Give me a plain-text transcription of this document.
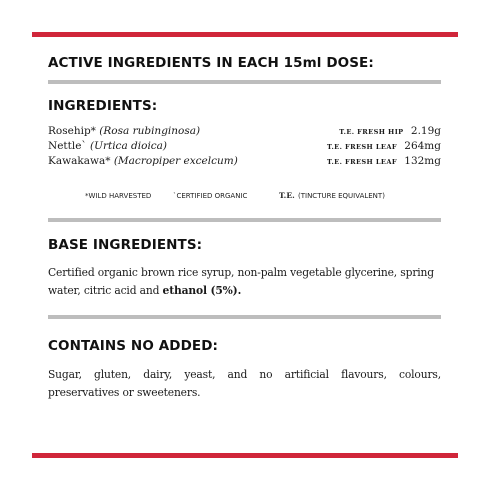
ACTIVE INGREDIENTS IN EACH 15ml DOSE:
INGREDIENTS:
Rosehip* (Rosa rubinginosa)	T.E. FRESH HIP 2.19g
Nettle` (Urtica dioica)	T.E. FRESH LEAF 264mg
Kawakawa* (Macropiper excelcum)	T.E. FRESH LEAF 132mg
*WILD HARVESTED	`CERTIFIED ORGANIC	T.E. (TINCTURE EQUIVALENT)
BASE INGREDIENTS:
Certified organic brown rice syrup, non-palm vegetable glycerine, spring water, citric acid and ethanol (5%).
CONTAINS NO ADDED:
Sugar, gluten, dairy, yeast, and no artificial flavours, colours, preservatives or sweeteners.
